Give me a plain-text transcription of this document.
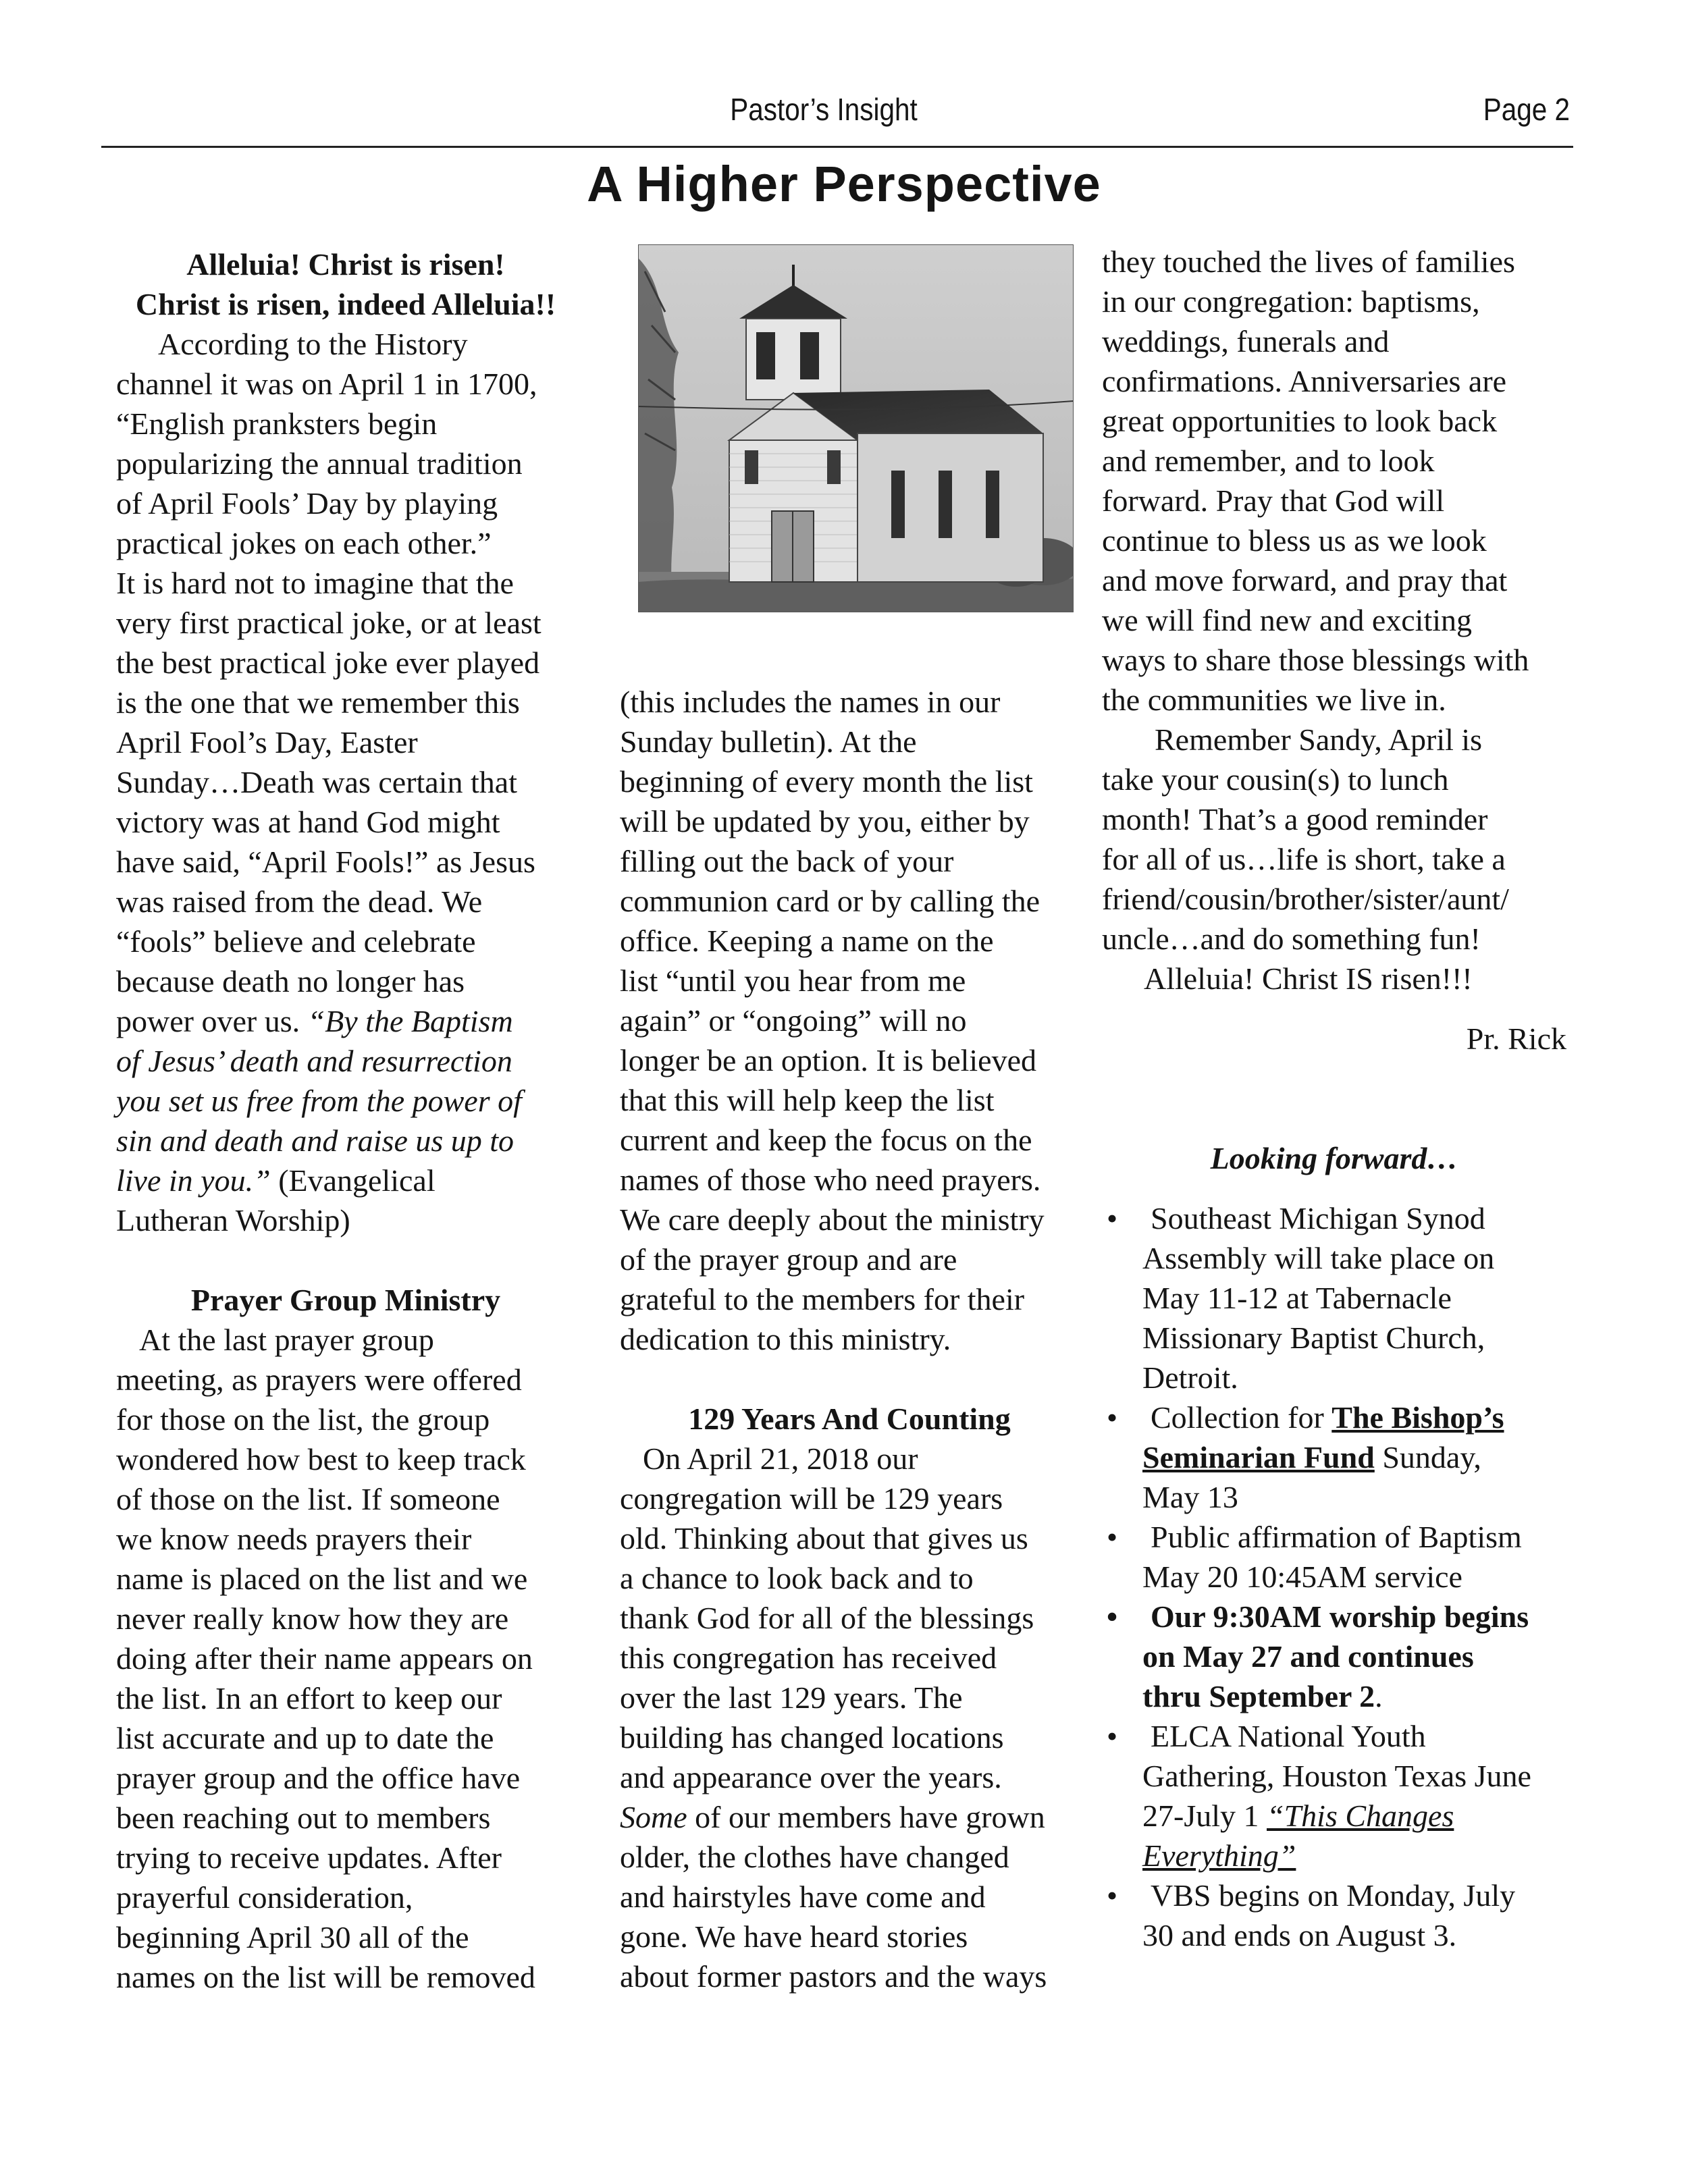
Pastor’s Insight	Page 2
A Higher Perspective

Alleluia! Christ is risen!

Christ is risen, indeed Alleluia!!

According to the History

channel it was on April 1 in 1700,

“English pranksters begin

popularizing the annual tradition

of April Fools’ Day by playing

practical jokes on each other.”

It is hard not to imagine that the

very first practical joke, or at least

the best practical joke ever played

is the one that we remember this

April Fool’s Day, Easter

Sunday…Death was certain that

victory was at hand God might

have said, “April Fools!” as Jesus

was raised from the dead. We

“fools” believe and celebrate

because death no longer has

power over us. “By the Baptism

of Jesus’ death and resurrection

you set us free from the power of

sin and death and raise us up to

live in you.” (Evangelical

Lutheran Worship)

Prayer Group Ministry

At the last prayer group

meeting, as prayers were offered

for those on the list, the group

wondered how best to keep track

of those on the list. If someone

we know needs prayers their

name is placed on the list and we

never really know how they are

doing after their name appears on

the list. In an effort to keep our

list accurate and up to date the

prayer group and the office have

been reaching out to members

trying to receive updates. After

prayerful consideration,

beginning April 30 all of the

names on the list will be removed

(this includes the names in our

Sunday bulletin). At the

beginning of every month the list

will be updated by you, either by

filling out the back of your

communion card or by calling the

office. Keeping a name on the

list “until you hear from me

again” or “ongoing” will no

longer be an option. It is believed

that this will help keep the list

current and keep the focus on the

names of those who need prayers.

We care deeply about the ministry

of the prayer group and are

grateful to the members for their

dedication to this ministry.

129 Years And Counting

On April 21, 2018 our

congregation will be 129 years

old. Thinking about that gives us

a chance to look back and to

thank God for all of the blessings

this congregation has received

over the last 129 years. The

building has changed locations

and appearance over the years.

Some of our members have grown

older, the clothes have changed

and hairstyles have come and

gone. We have heard stories

about former pastors and the ways

they touched the lives of families

in our congregation: baptisms,

weddings, funerals and

confirmations. Anniversaries are

great opportunities to look back

and remember, and to look

forward. Pray that God will

continue to bless us as we look

and move forward, and pray that

we will find new and exciting

ways to share those blessings with

the communities we live in.

Remember Sandy, April is

take your cousin(s) to lunch

month! That’s a good reminder

for all of us…life is short, take a

friend/cousin/brother/sister/aunt/

uncle…and do something fun!

Alleluia! Christ IS risen!!!

Pr. Rick

Looking forward…

• Southeast Michigan Synod

Assembly will take place on

May 11-12 at Tabernacle

Missionary Baptist Church,

Detroit.

• Collection for The Bishop’s

Seminarian Fund Sunday,

May 13

• Public affirmation of Baptism

May 20 10:45AM service

• Our 9:30AM worship begins

on May 27 and continues

thru September 2.

• ELCA National Youth

Gathering, Houston Texas June

27-July 1 “This Changes

Everything”

• VBS begins on Monday, July

30 and ends on August 3.
